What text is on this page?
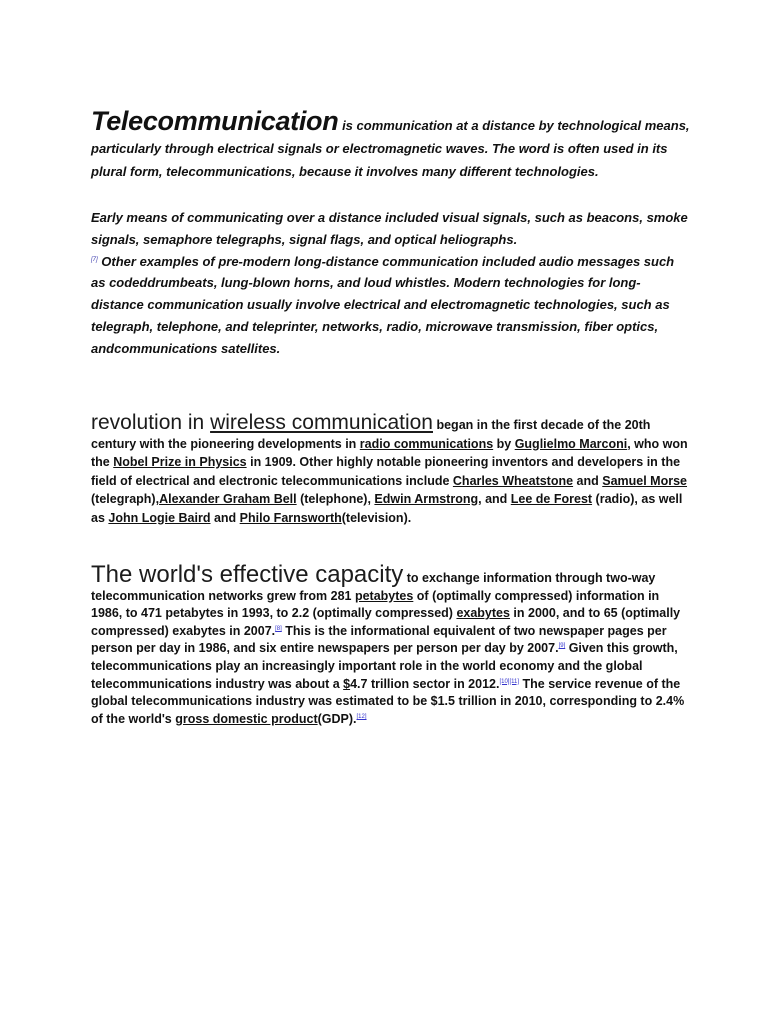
Telecommunication is communication at a distance by technological means, particularly through electrical signals or electromagnetic waves. The word is often used in its plural form, telecommunications, because it involves many different technologies.

Early means of communicating over a distance included visual signals, such as beacons, smoke signals, semaphore telegraphs, signal flags, and optical heliographs.
[7] Other examples of pre-modern long-distance communication included audio messages such as codeddrumbeats, lung-blown horns, and loud whistles. Modern technologies for long-distance communication usually involve electrical and electromagnetic technologies, such as telegraph, telephone, and teleprinter, networks, radio, microwave transmission, fiber optics, andcommunications satellites.

revolution in wireless communication began in the first decade of the 20th century with the pioneering developments in radio communications by Guglielmo Marconi, who won the Nobel Prize in Physics in 1909. Other highly notable pioneering inventors and developers in the field of electrical and electronic telecommunications include Charles Wheatstone and Samuel Morse (telegraph),Alexander Graham Bell (telephone), Edwin Armstrong, and Lee de Forest (radio), as well as John Logie Baird and Philo Farnsworth(television).

The world's effective capacity to exchange information through two-way telecommunication networks grew from 281 petabytes of (optimally compressed) information in 1986, to 471 petabytes in 1993, to 2.2 (optimally compressed) exabytes in 2000, and to 65 (optimally compressed) exabytes in 2007.[8] This is the informational equivalent of two newspaper pages per person per day in 1986, and six entire newspapers per person per day by 2007.[9] Given this growth, telecommunications play an increasingly important role in the world economy and the global telecommunications industry was about a $4.7 trillion sector in 2012.[10][11] The service revenue of the global telecommunications industry was estimated to be $1.5 trillion in 2010, corresponding to 2.4% of the world's gross domestic product(GDP).[12]
